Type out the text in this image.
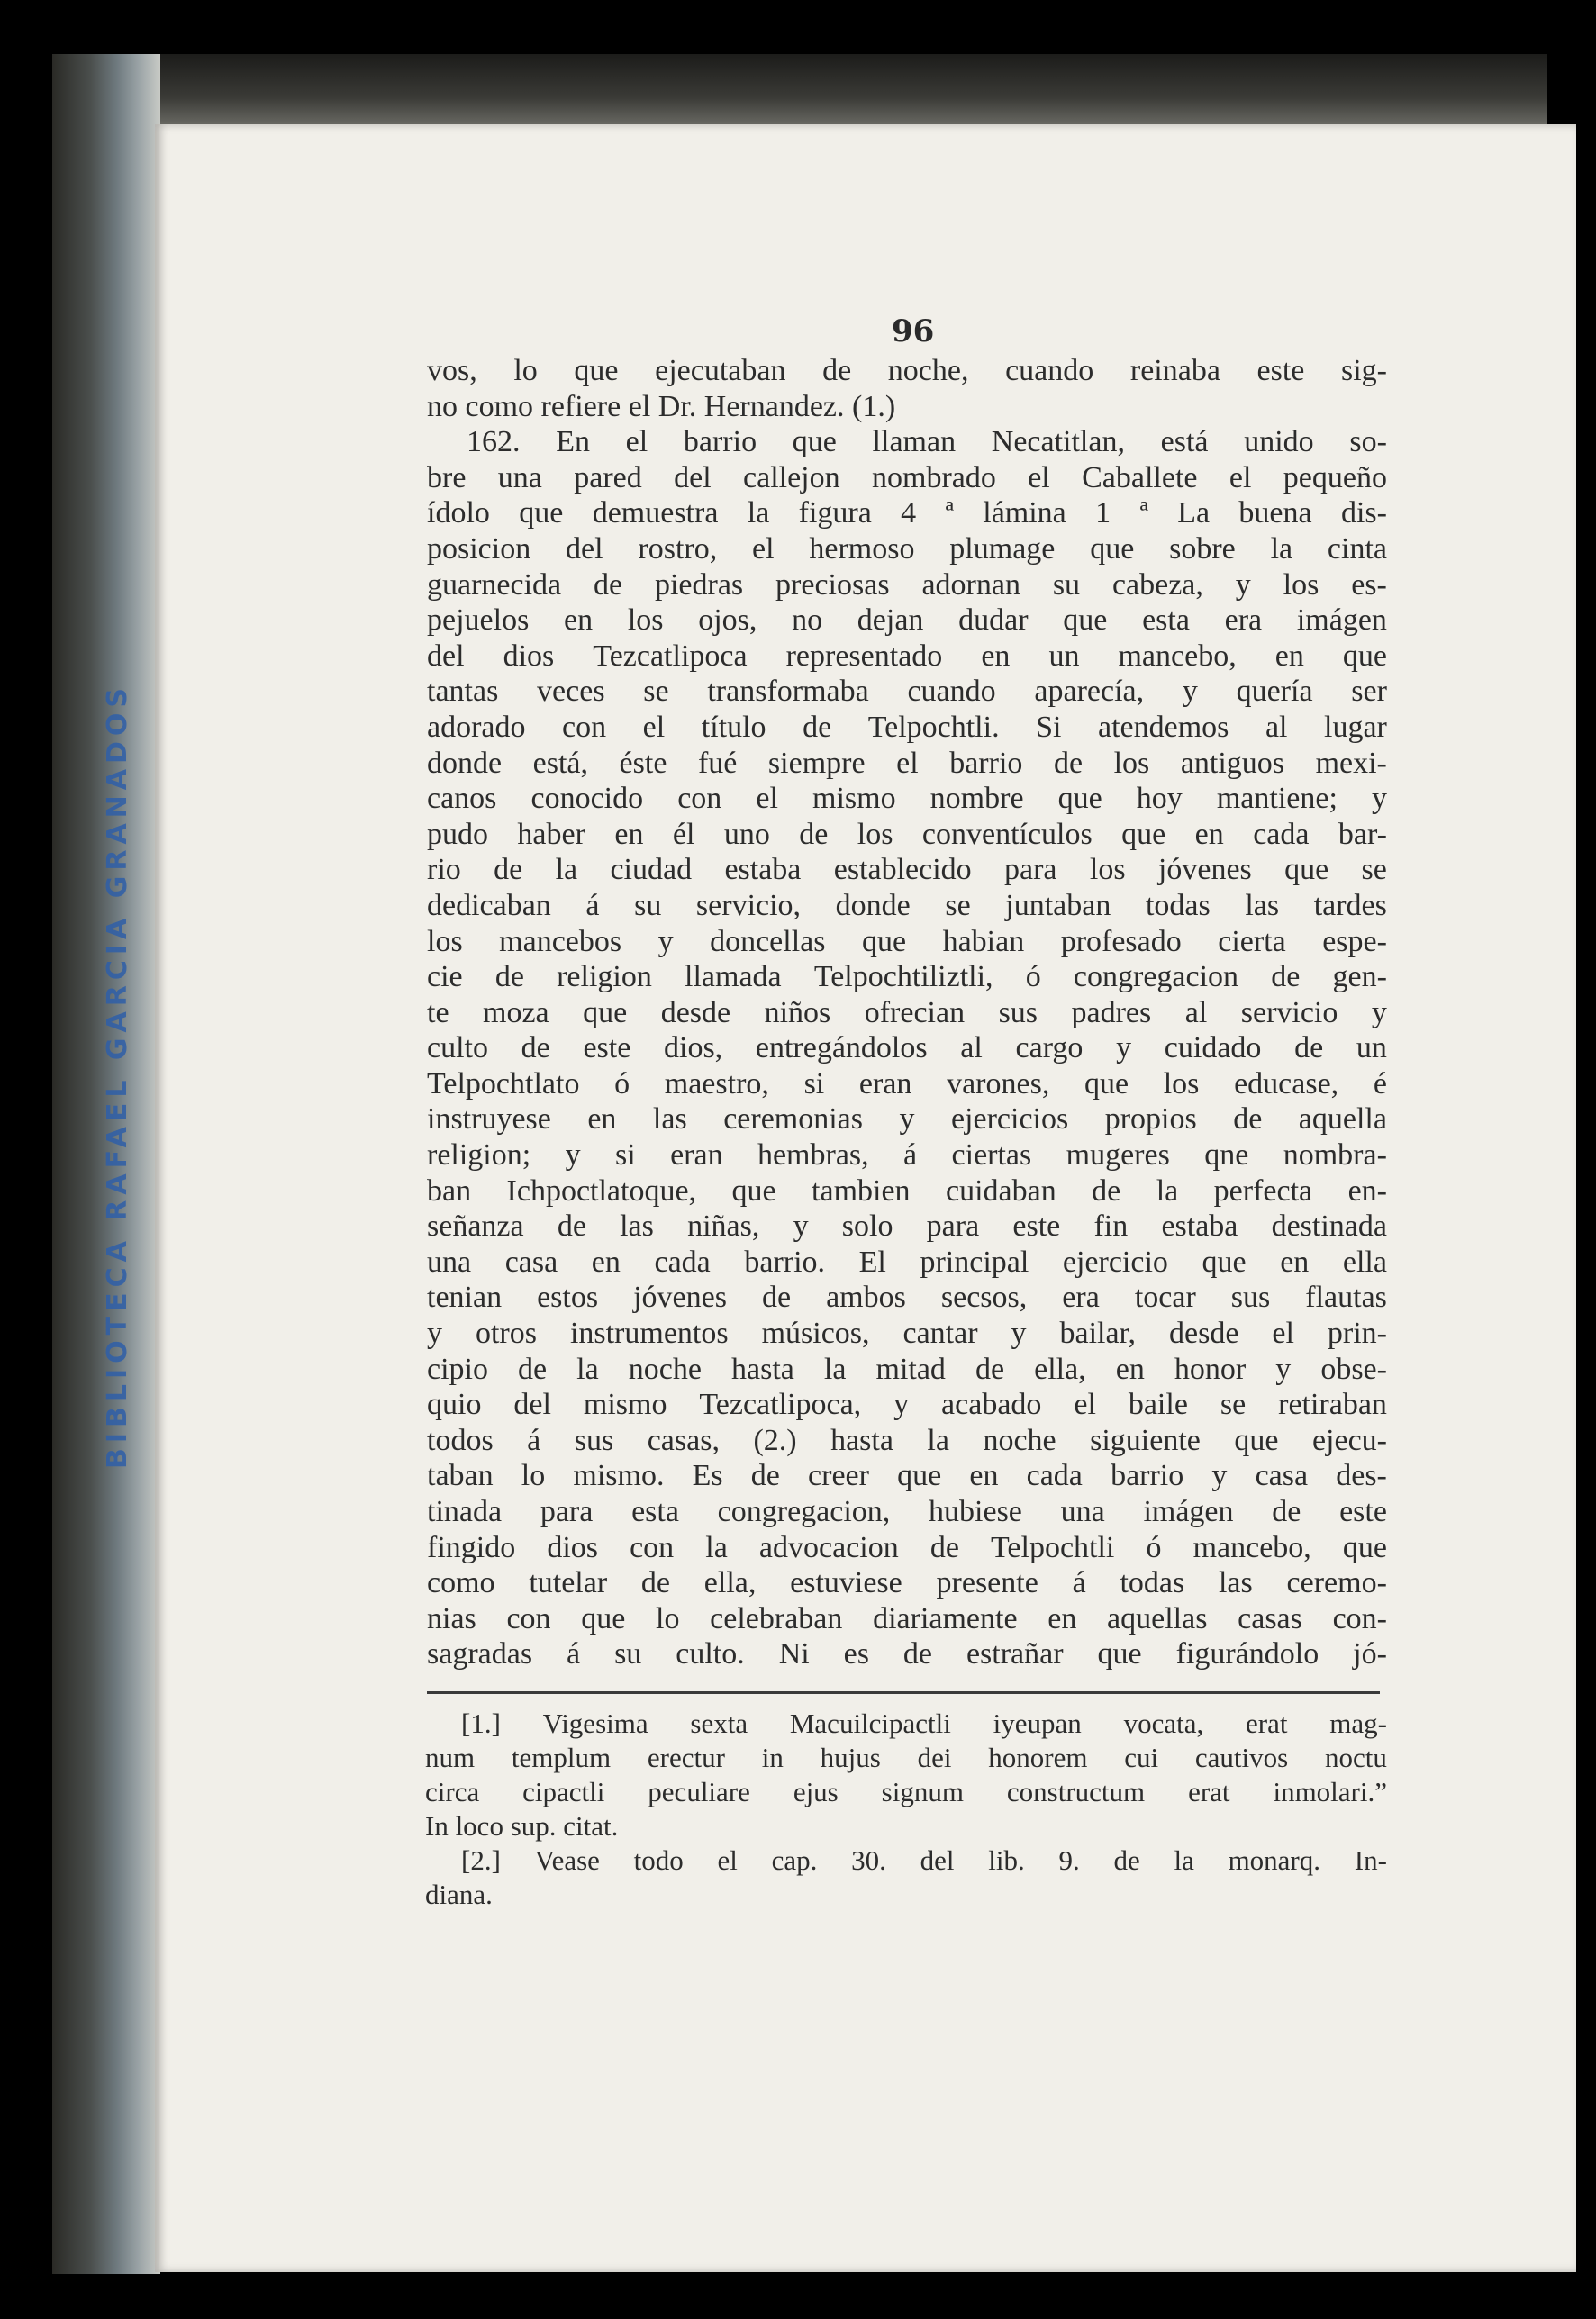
BIBLIOTECA RAFAEL GARCIA GRANADOS
96
vos, lo que ejecutaban de noche, cuando reinaba este sig-
no como refiere el Dr. Hernandez. (1.)
162. En el barrio que llaman Necatitlan, está unido so-
bre una pared del callejon nombrado el Caballete el pequeño
ídolo que demuestra la figura 4 ª lámina 1 ª La buena dis-
posicion del rostro, el hermoso plumage que sobre la cinta
guarnecida de piedras preciosas adornan su cabeza, y los es-
pejuelos en los ojos, no dejan dudar que esta era imágen
del dios Tezcatlipoca representado en un mancebo, en que
tantas veces se transformaba cuando aparecía, y quería ser
adorado con el título de Telpochtli. Si atendemos al lugar
donde está, éste fué siempre el barrio de los antiguos mexi-
canos conocido con el mismo nombre que hoy mantiene; y
pudo haber en él uno de los conventículos que en cada bar-
rio de la ciudad estaba establecido para los jóvenes que se
dedicaban á su servicio, donde se juntaban todas las tardes
los mancebos y doncellas que habian profesado cierta espe-
cie de religion llamada Telpochtiliztli, ó congregacion de gen-
te moza que desde niños ofrecian sus padres al servicio y
culto de este dios, entregándolos al cargo y cuidado de un
Telpochtlato ó maestro, si eran varones, que los educase, é
instruyese en las ceremonias y ejercicios propios de aquella
religion; y si eran hembras, á ciertas mugeres qne nombra-
ban Ichpoctlatoque, que tambien cuidaban de la perfecta en-
señanza de las niñas, y solo para este fin estaba destinada
una casa en cada barrio. El principal ejercicio que en ella
tenian estos jóvenes de ambos secsos, era tocar sus flautas
y otros instrumentos músicos, cantar y bailar, desde el prin-
cipio de la noche hasta la mitad de ella, en honor y obse-
quio del mismo Tezcatlipoca, y acabado el baile se retiraban
todos á sus casas, (2.) hasta la noche siguiente que ejecu-
taban lo mismo. Es de creer que en cada barrio y casa des-
tinada para esta congregacion, hubiese una imágen de este
fingido dios con la advocacion de Telpochtli ó mancebo, que
como tutelar de ella, estuviese presente á todas las ceremo-
nias con que lo celebraban diariamente en aquellas casas con-
sagradas á su culto. Ni es de estrañar que figurándolo jó-
[1.] Vigesima sexta Macuilcipactli iyeupan vocata, erat mag-
num templum erectur in hujus dei honorem cui cautivos noctu
circa cipactli peculiare ejus signum constructum erat inmolari.”
In loco sup. citat.
[2.] Vease todo el cap. 30. del lib. 9. de la monarq. In-
diana.
